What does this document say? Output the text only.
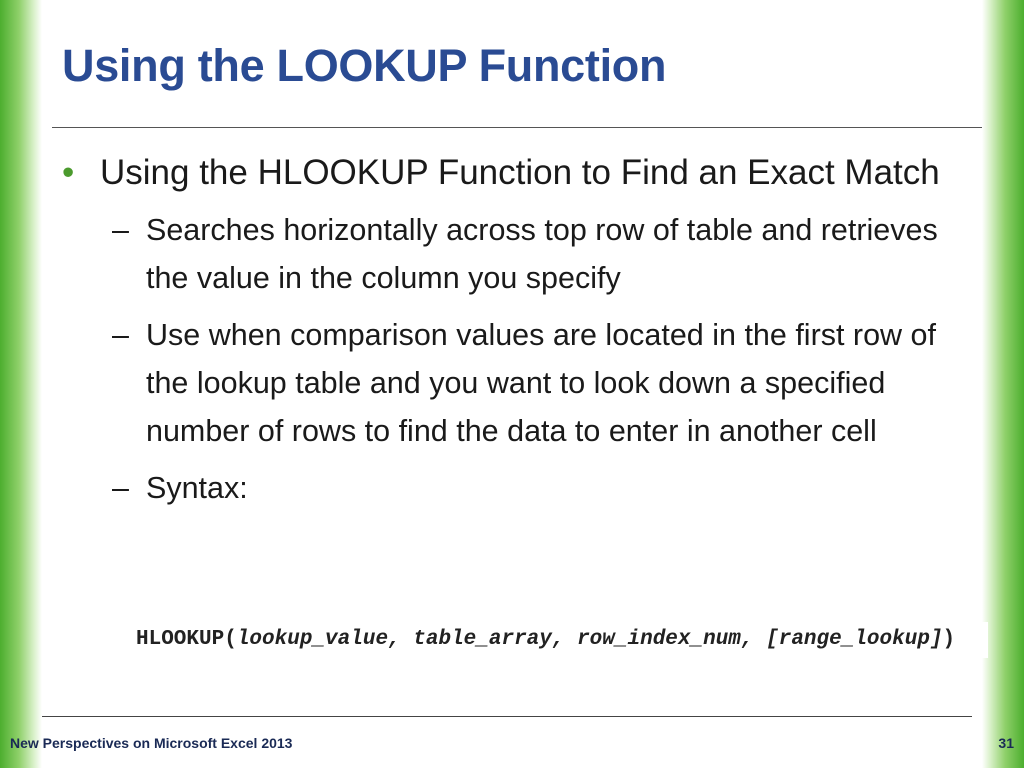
Using the LOOKUP Function
• Using the HLOOKUP Function to Find an Exact Match
– Searches horizontally across top row of table and retrieves the value in the column you specify
– Use when comparison values are located in the first row of the lookup table and you want to look down a specified number of rows to find the data to enter in another cell
– Syntax:
HLOOKUP(lookup_value, table_array, row_index_num, [range_lookup])
New Perspectives on Microsoft Excel 2013	31
